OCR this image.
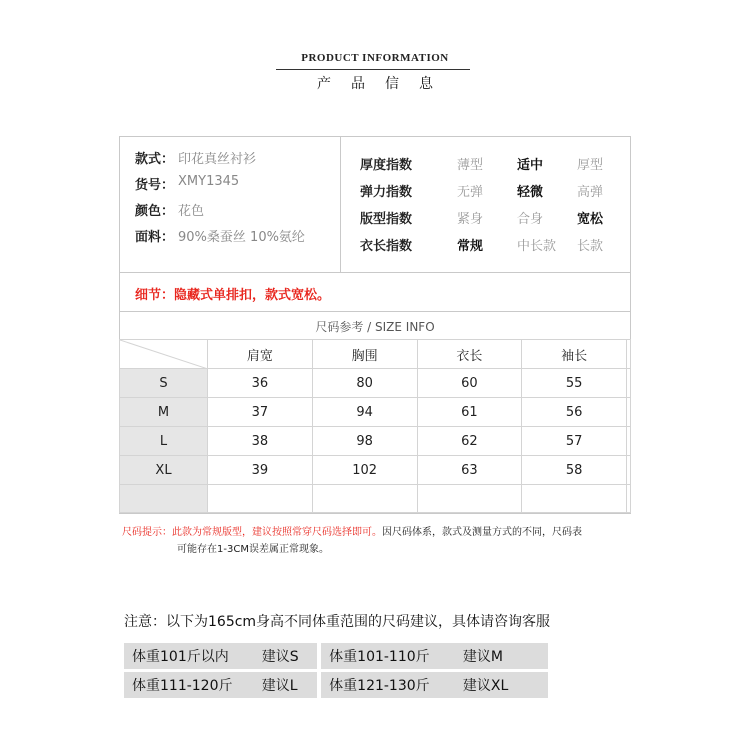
PRODUCT INFORMATION
产品信息
款式： 印花真丝衬衫
货号： XMY1345
颜色： 花色
面料： 90%桑蚕丝 10%氨纶
厚度指数	薄型	适中	厚型
弹力指数	无弹	轻微	高弹
版型指数	紧身	合身	宽松
衣长指数	常规	中长款	长款
细节：隐藏式单排扣，款式宽松。
尺码参考 / SIZE INFO
	肩宽	胸围	衣长	袖长	
S	36	80	60	55	
M	37	94	61	56	
L	38	98	62	57	
XL	39	102	63	58	

尺码提示：此款为常规版型，建议按照常穿尺码选择即可。因尺码体系，款式及测量方式的不同，尺码表
可能存在1-3CM误差属正常现象。
注意：以下为165cm身高不同体重范围的尺码建议，具体请咨询客服
体重101斤以内	建议S	体重101-110斤	建议M
体重111-120斤	建议L	体重121-130斤	建议XL
